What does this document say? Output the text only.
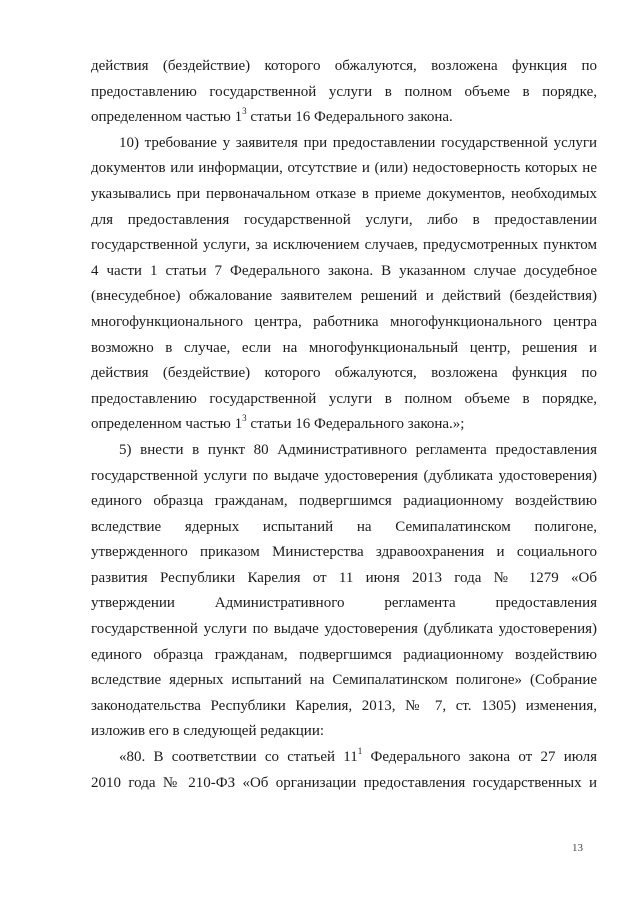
действия (бездействие) которого обжалуются, возложена функция по

предоставлению государственной услуги в полном объеме в порядке,

определенном частью $1^3$ статьи 16 Федерального закона.

10) требование у заявителя при предоставлении государственной услуги

документов или информации, отсутствие и (или) недостоверность которых не

указывались при первоначальном отказе в приеме документов, необходимых

для предоставления государственной услуги, либо в предоставлении

государственной услуги, за исключением случаев, предусмотренных пунктом

4 части 1 статьи 7 Федерального закона. В указанном случае досудебное

(внесудебное) обжалование заявителем решений и действий (бездействия)

многофункционального центра, работника многофункционального центра

возможно в случае, если на многофункциональный центр, решения и

действия (бездействие) которого обжалуются, возложена функция по

предоставлению государственной услуги в полном объеме в порядке,

определенном частью $1^3$ статьи 16 Федерального закона.»;

5) внести в пункт 80 Административного регламента предоставления

государственной услуги по выдаче удостоверения (дубликата удостоверения)

единого образца гражданам, подвергшимся радиационному воздействию

вследствие ядерных испытаний на Семипалатинском полигоне,

утвержденного приказом Министерства здравоохранения и социального

развития Республики Карелия от 11 июня 2013 года № 1279 «Об

утверждении Административного регламента предоставления

государственной услуги по выдаче удостоверения (дубликата удостоверения)

единого образца гражданам, подвергшимся радиационному воздействию

вследствие ядерных испытаний на Семипалатинском полигоне» (Собрание

законодательства Республики Карелия, 2013, № 7, ст. 1305) изменения,

изложив его в следующей редакции:

«80. В соответствии со статьей $11^1$ Федерального закона от 27 июля

2010 года № 210-ФЗ «Об организации предоставления государственных и

13
